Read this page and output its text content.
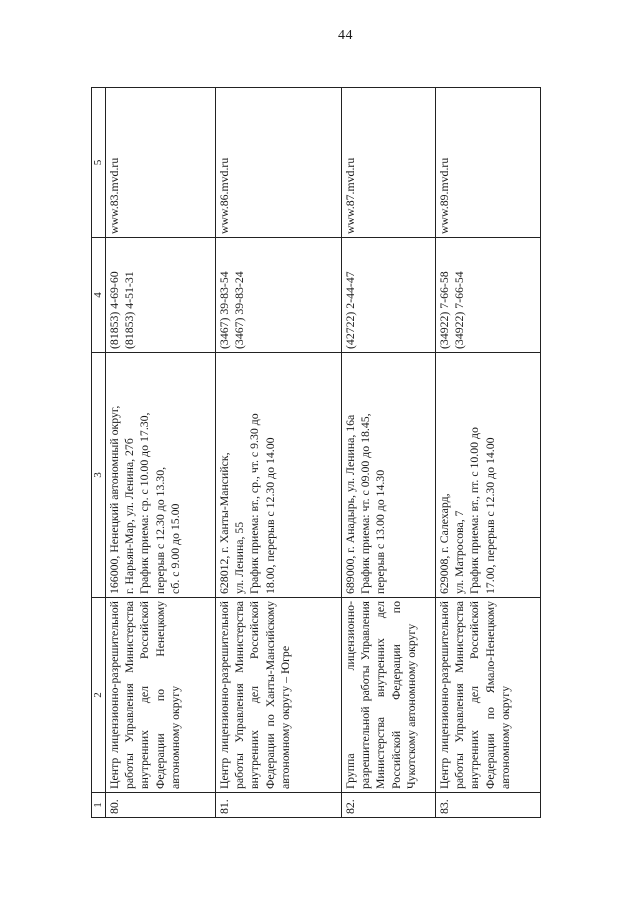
44
1	2	3	4	5
80.	Центр лицензионно-разрешительной работы Управления Министерства внутренних дел Российской Федерации по Ненецкому автономному округу	166000, Ненецкий автономный округ, г. Нарьян-Мар, ул. Ленина, 27б График приема: ср. с 10.00 до 17.30, перерыв с 12.30 до 13.30, сб. с 9.00 до 15.00	(81853) 4-69-60 (81853) 4-51-31	www.83.mvd.ru
81.	Центр лицензионно-разрешительной работы Управления Министерства внутренних дел Российской Федерации по Ханты-Мансийскому автономному округу – Югре	628012, г. Ханты-Мансийск, ул. Ленина, 55 График приема: вт., ср., чт. с 9.30 до 18.00, перерыв с 12.30 до 14.00	(3467) 39-83-54 (3467) 39-83-24	www.86.mvd.ru
82.	Группа лицензионно-разрешительной работы Управления Министерства внутренних дел Российской Федерации по Чукотскому автономному округу	689000, г. Анадырь, ул. Ленина, 16а График приема: чт. с 09.00 до 18.45, перерыв с 13.00 до 14.30	(42722) 2-44-47	www.87.mvd.ru
83.	Центр лицензионно-разрешительной работы Управления Министерства внутренних дел Российской Федерации по Ямало-Ненецкому автономному округу	629008, г. Салехард, ул. Матросова, 7 График приема: вт., пт. с 10.00 до 17.00, перерыв с 12.30 до 14.00	(34922) 7-66-58 (34922) 7-66-54	www.89.mvd.ru
